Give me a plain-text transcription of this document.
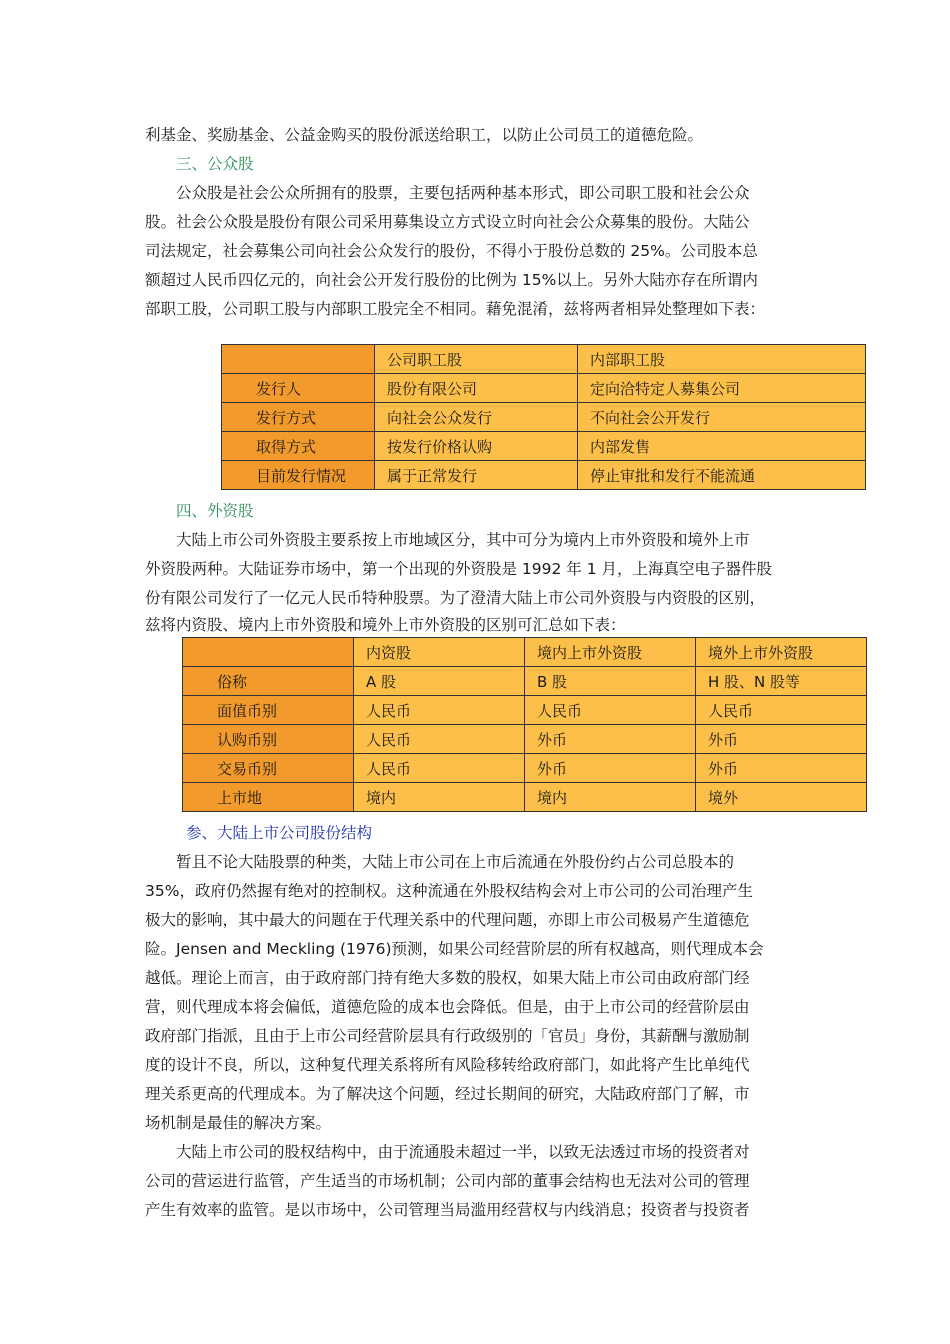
利基金、奖励基金、公益金购买的股份派送给职工，以防止公司员工的道德危险。
三、公众股
公众股是社会公众所拥有的股票，主要包括两种基本形式，即公司职工股和社会公众
股。社会公众股是股份有限公司采用募集设立方式设立时向社会公众募集的股份。大陆公
司法规定，社会募集公司向社会公众发行的股份，不得小于股份总数的 25%。公司股本总
额超过人民币四亿元的，向社会公开发行股份的比例为 15%以上。另外大陆亦存在所谓内
部职工股，公司职工股与内部职工股完全不相同。藉免混淆，兹将两者相异处整理如下表：
	公司职工股	内部职工股
发行人	股份有限公司	定向洽特定人募集公司
发行方式	向社会公众发行	不向社会公开发行
取得方式	按发行价格认购	内部发售
目前发行情况	属于正常发行	停止审批和发行不能流通
四、外资股
大陆上市公司外资股主要系按上市地域区分，其中可分为境内上市外资股和境外上市
外资股两种。大陆证券市场中，第一个出现的外资股是 1992 年 1 月，上海真空电子器件股
份有限公司发行了一亿元人民币特种股票。为了澄清大陆上市公司外资股与内资股的区别，
兹将内资股、境内上市外资股和境外上市外资股的区别可汇总如下表：
	内资股	境内上市外资股	境外上市外资股
俗称	A 股	B 股	H 股、N 股等
面值币别	人民币	人民币	人民币
认购币别	人民币	外币	外币
交易币别	人民币	外币	外币
上市地	境内	境内	境外
参、大陆上市公司股份结构
暂且不论大陆股票的种类，大陆上市公司在上市后流通在外股份约占公司总股本的
35%，政府仍然握有绝对的控制权。这种流通在外股权结构会对上市公司的公司治理产生
极大的影响，其中最大的问题在于代理关系中的代理问题，亦即上市公司极易产生道德危
险。Jensen and Meckling (1976)预测，如果公司经营阶层的所有权越高，则代理成本会
越低。理论上而言，由于政府部门持有绝大多数的股权，如果大陆上市公司由政府部门经
营，则代理成本将会偏低，道德危险的成本也会降低。但是，由于上市公司的经营阶层由
政府部门指派，且由于上市公司经营阶层具有行政级别的「官员」身份，其薪酬与激励制
度的设计不良，所以，这种复代理关系将所有风险移转给政府部门，如此将产生比单纯代
理关系更高的代理成本。为了解决这个问题，经过长期间的研究，大陆政府部门了解，市
场机制是最佳的解决方案。
大陆上市公司的股权结构中，由于流通股未超过一半，以致无法透过市场的投资者对
公司的营运进行监管，产生适当的市场机制；公司内部的董事会结构也无法对公司的管理
产生有效率的监管。是以市场中，公司管理当局滥用经营权与内线消息；投资者与投资者
